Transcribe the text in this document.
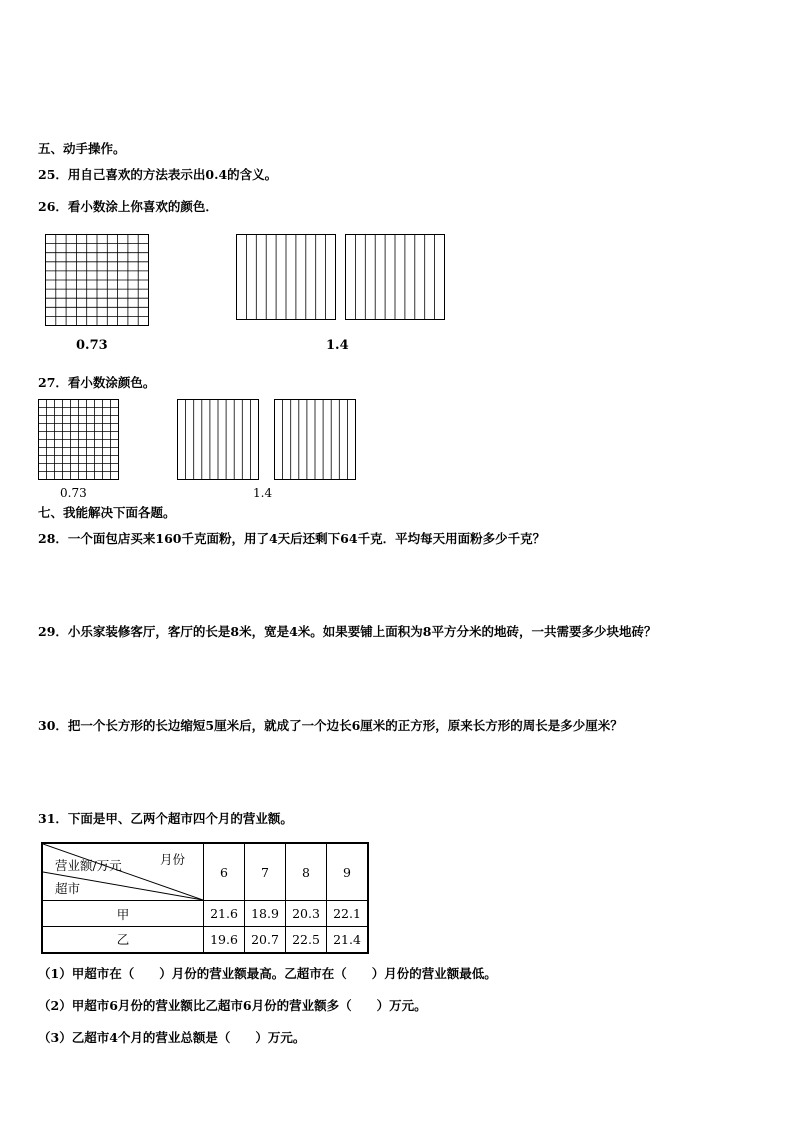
五、动手操作。
25．用自己喜欢的方法表示出0.4的含义。
26．看小数涂上你喜欢的颜色．
0.73	1.4
27．看小数涂颜色。
0.73	1.4
七、我能解决下面各题。
28．一个面包店买来160千克面粉，用了4天后还剩下64千克．平均每天用面粉多少千克？
29．小乐家装修客厅，客厅的长是8米，宽是4米。如果要铺上面积为8平方分米的地砖，一共需要多少块地砖？
30．把一个长方形的长边缩短5厘米后，就成了一个边长6厘米的正方形，原来长方形的周长是多少厘米？
31．下面是甲、乙两个超市四个月的营业额。
月份
营业额/万元
超市	6	7	8	9
甲	21.6	18.9	20.3	22.1
乙	19.6	20.7	22.5	21.4
（1）甲超市在（　　）月份的营业额最高。乙超市在（　　）月份的营业额最低。
（2）甲超市6月份的营业额比乙超市6月份的营业额多（　　）万元。
（3）乙超市4个月的营业总额是（　　）万元。
